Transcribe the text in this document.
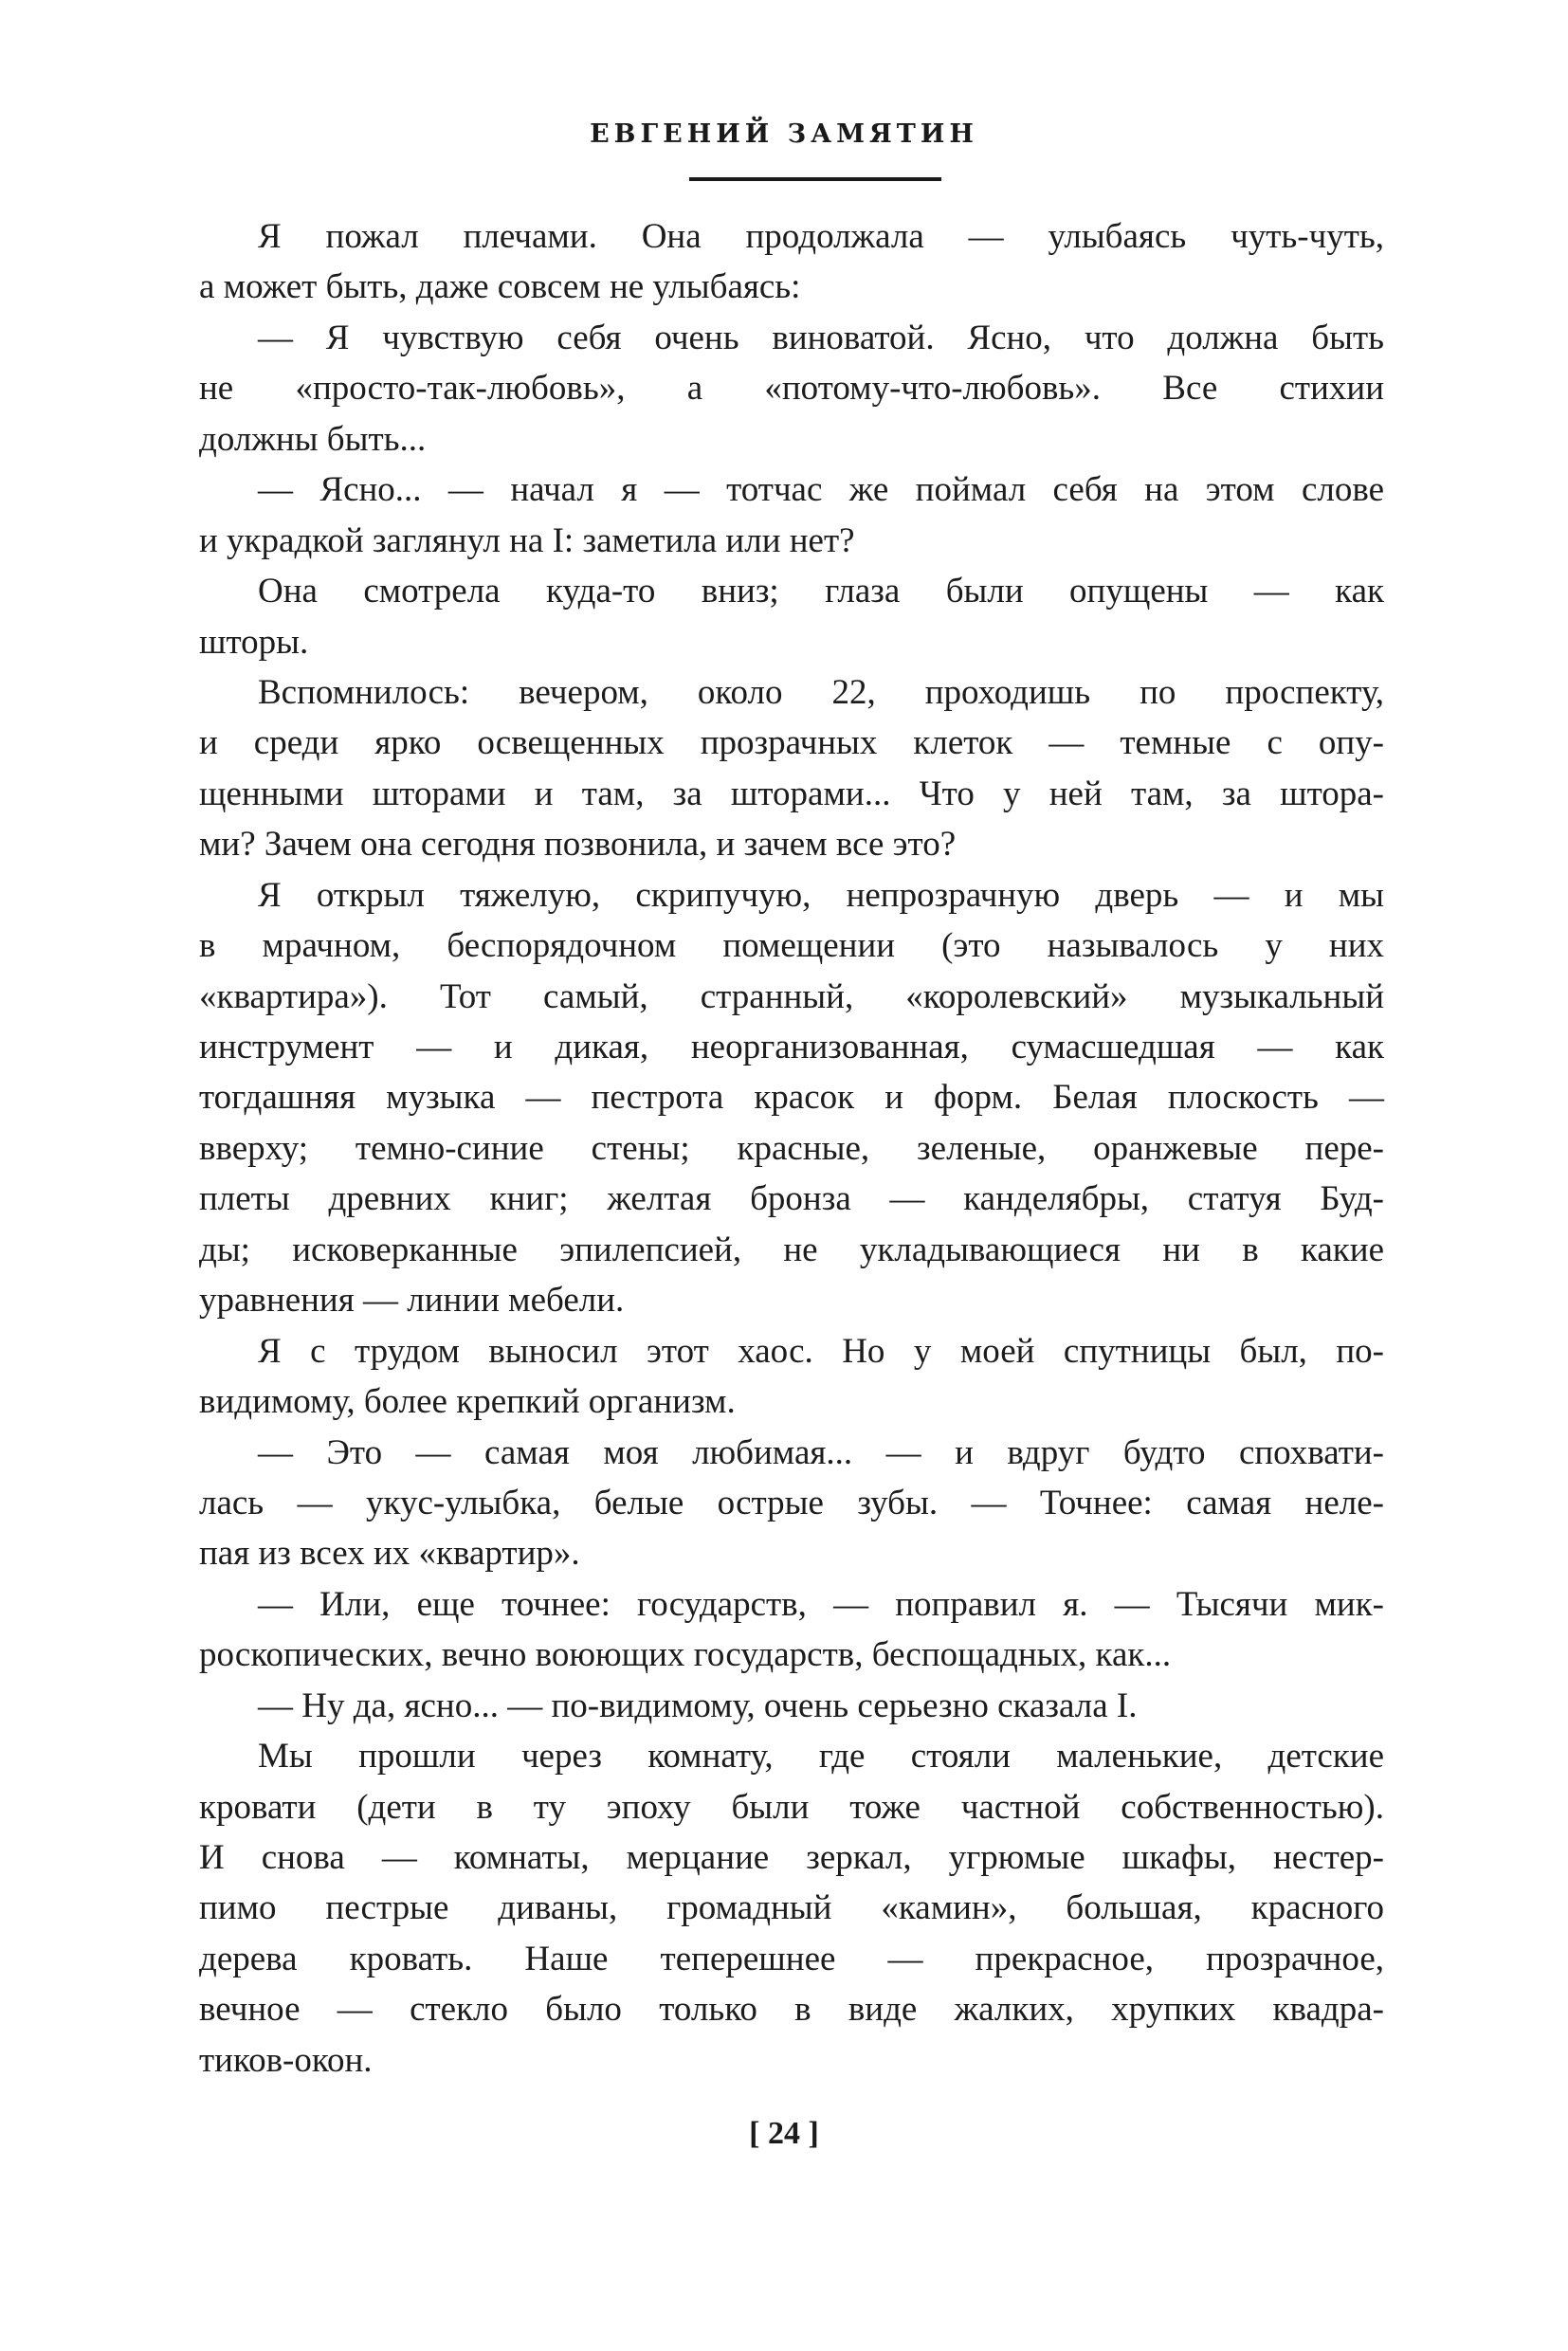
ЕВГЕНИЙ ЗАМЯТИН
Я пожал плечами. Она продолжала — улыбаясь чуть-чуть,
а может быть, даже совсем не улыбаясь:
— Я чувствую себя очень виноватой. Ясно, что должна быть
не «просто-так-любовь», а «потому-что-любовь». Все стихии
должны быть...
— Ясно... — начал я — тотчас же поймал себя на этом слове
и украдкой заглянул на I: заметила или нет?
Она смотрела куда-то вниз; глаза были опущены — как
шторы.
Вспомнилось: вечером, около 22, проходишь по проспекту,
и среди ярко освещенных прозрачных клеток — темные с опу-
щенными шторами и там, за шторами... Что у ней там, за штора-
ми? Зачем она сегодня позвонила, и зачем все это?
Я открыл тяжелую, скрипучую, непрозрачную дверь — и мы
в мрачном, беспорядочном помещении (это называлось у них
«квартира»). Тот самый, странный, «королевский» музыкальный
инструмент — и дикая, неорганизованная, сумасшедшая — как
тогдашняя музыка — пестрота красок и форм. Белая плоскость —
вверху; темно-синие стены; красные, зеленые, оранжевые пере-
плеты древних книг; желтая бронза — канделябры, статуя Буд-
ды; исковерканные эпилепсией, не укладывающиеся ни в какие
уравнения — линии мебели.
Я с трудом выносил этот хаос. Но у моей спутницы был, по-
видимому, более крепкий организм.
— Это — самая моя любимая... — и вдруг будто спохвати-
лась — укус-улыбка, белые острые зубы. — Точнее: самая неле-
пая из всех их «квартир».
— Или, еще точнее: государств, — поправил я. — Тысячи мик-
роскопических, вечно воюющих государств, беспощадных, как...
— Ну да, ясно... — по-видимому, очень серьезно сказала I.
Мы прошли через комнату, где стояли маленькие, детские
кровати (дети в ту эпоху были тоже частной собственностью).
И снова — комнаты, мерцание зеркал, угрюмые шкафы, нестер-
пимо пестрые диваны, громадный «камин», большая, красного
дерева кровать. Наше теперешнее — прекрасное, прозрачное,
вечное — стекло было только в виде жалких, хрупких квадра-
тиков-окон.
[ 24 ]
